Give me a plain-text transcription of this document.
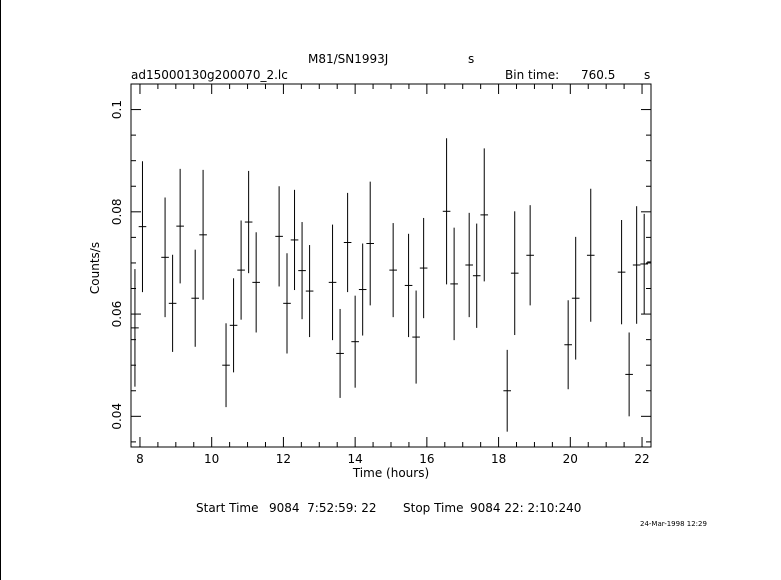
M81/SN1993J	s
ad15000130g200070_2.lc	Bin time: 760.5 s
8	10	12	14	16	18	20	22
0.04
0.06
0.08
0.1
Time (hours)
Counts/s
Start Time 9084  7:52:59: 22 Stop Time 9084 22: 2:10:240
24-Mar-1998 12:29
